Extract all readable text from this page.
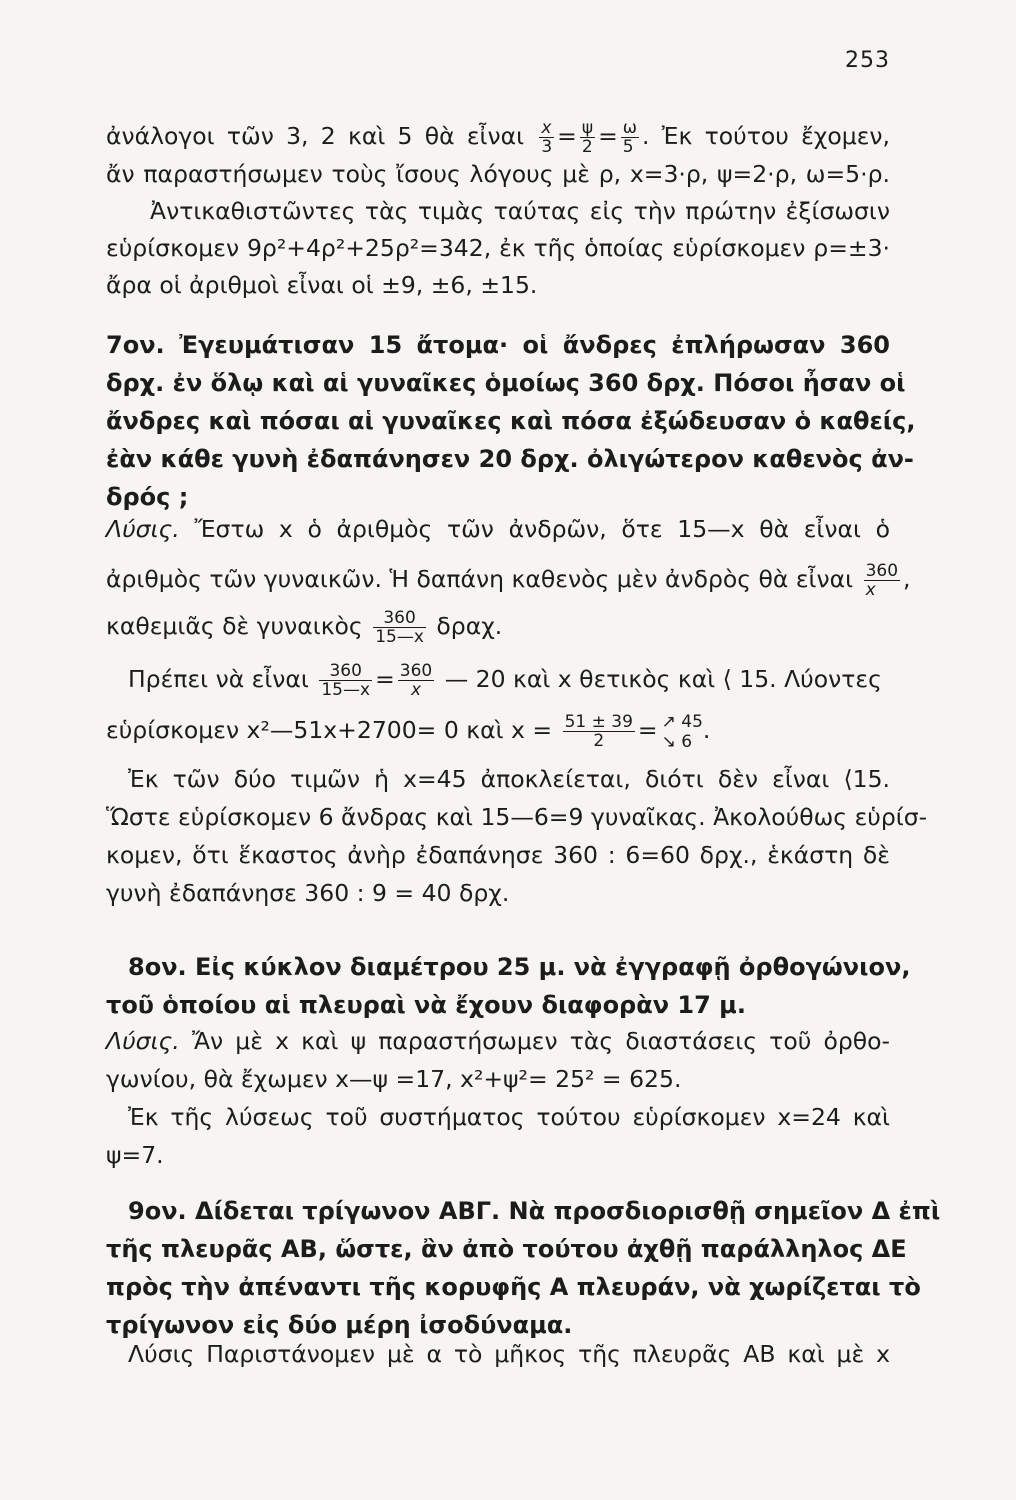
253
ἀνάλογοι τῶν 3, 2 καὶ 5 θὰ εἶναι $\frac{x}{3} = \frac{\psi}{2} = \frac{\omega}{5}$ . Ἐκ τούτου ἔχομεν,
ἄν παραστήσωμεν τοὺς ἴσους λόγους μὲ ρ, x=3·ρ, ψ=2·ρ, ω=5·ρ.
Ἀντικαθιστῶντες τὰς τιμὰς ταύτας εἰς τὴν πρώτην ἐξίσωσιν
εὑρίσκομεν 9ρ²+4ρ²+25ρ²=342, ἐκ τῆς ὁποίας εὑρίσκομεν ρ=±3·
ἄρα οἱ ἀριθμοὶ εἶναι οἱ ±9, ±6, ±15.
7ον. Ἐγευμάτισαν 15 ἄτομα· οἱ ἄνδρες ἐπλήρωσαν 360
δρχ. ἐν ὅλῳ καὶ αἱ γυναῖκες ὁμοίως 360 δρχ. Πόσοι ἦσαν οἱ
ἄνδρες καὶ πόσαι αἱ γυναῖκες καὶ πόσα ἐξώδευσαν ὁ καθείς,
ἐὰν κάθε γυνὴ ἐδαπάνησεν 20 δρχ. ὀλιγώτερον καθενὸς ἀν-
δρός ;
Λύσις. Ἔστω x ὁ ἀριθμὸς τῶν ἀνδρῶν, ὅτε 15—x θὰ εἶναι ὁ
ἀριθμὸς τῶν γυναικῶν. Ἡ δαπάνη καθενὸς μὲν ἀνδρὸς θὰ εἶναι $\frac{360}{x}$ ,
καθεμιᾶς δὲ γυναικὸς $\frac{360}{15—x} \delta\rho\alpha\chi$.
Πρέπει νὰ εἶναι $\frac{360}{15—x} = \frac{360}{x}$ — 20 καὶ x θετικὸς καὶ ⟨ 15. Λύοντες
εὑρίσκομεν x²—51x+2700= 0 καὶ $x = \frac{51 \pm 39}{2}$ = ↗ 45
↘ 6 .
Ἐκ τῶν δύο τιμῶν ἡ x=45 ἀποκλείεται, διότι δὲν εἶναι ⟨15.
Ὥστε εὑρίσκομεν 6 ἄνδρας καὶ 15—6=9 γυναῖκας. Ἀκολούθως εὑρίσ-
κομεν, ὅτι ἕκαστος ἀνὴρ ἐδαπάνησε 360 : 6=60 δρχ., ἑκάστη δὲ
γυνὴ ἐδαπάνησε 360 : 9 = 40 δρχ.
8ον. Εἰς κύκλον διαμέτρου 25 μ. νὰ ἐγγραφῇ ὀρθογώνιον,
τοῦ ὁποίου αἱ πλευραὶ νὰ ἔχουν διαφορὰν 17 μ.
Λύσις. Ἄν μὲ x καὶ ψ παραστήσωμεν τὰς διαστάσεις τοῦ ὀρθο-
γωνίου, θὰ ἔχωμεν x—ψ =17, x²+ψ²= 25² = 625.
Ἐκ τῆς λύσεως τοῦ συστήματος τούτου εὑρίσκομεν x=24 καὶ
ψ=7.
9ον. Δίδεται τρίγωνον ΑΒΓ. Νὰ προσδιορισθῇ σημεῖον Δ ἐπὶ
τῆς πλευρᾶς ΑΒ, ὥστε, ἂν ἀπὸ τούτου ἀχθῇ παράλληλος ΔΕ
πρὸς τὴν ἀπέναντι τῆς κορυφῆς Α πλευράν, νὰ χωρίζεται τὸ
τρίγωνον εἰς δύο μέρη ἰσοδύναμα.
Λύσις Παριστάνομεν μὲ α τὸ μῆκος τῆς πλευρᾶς ΑΒ καὶ μὲ x
